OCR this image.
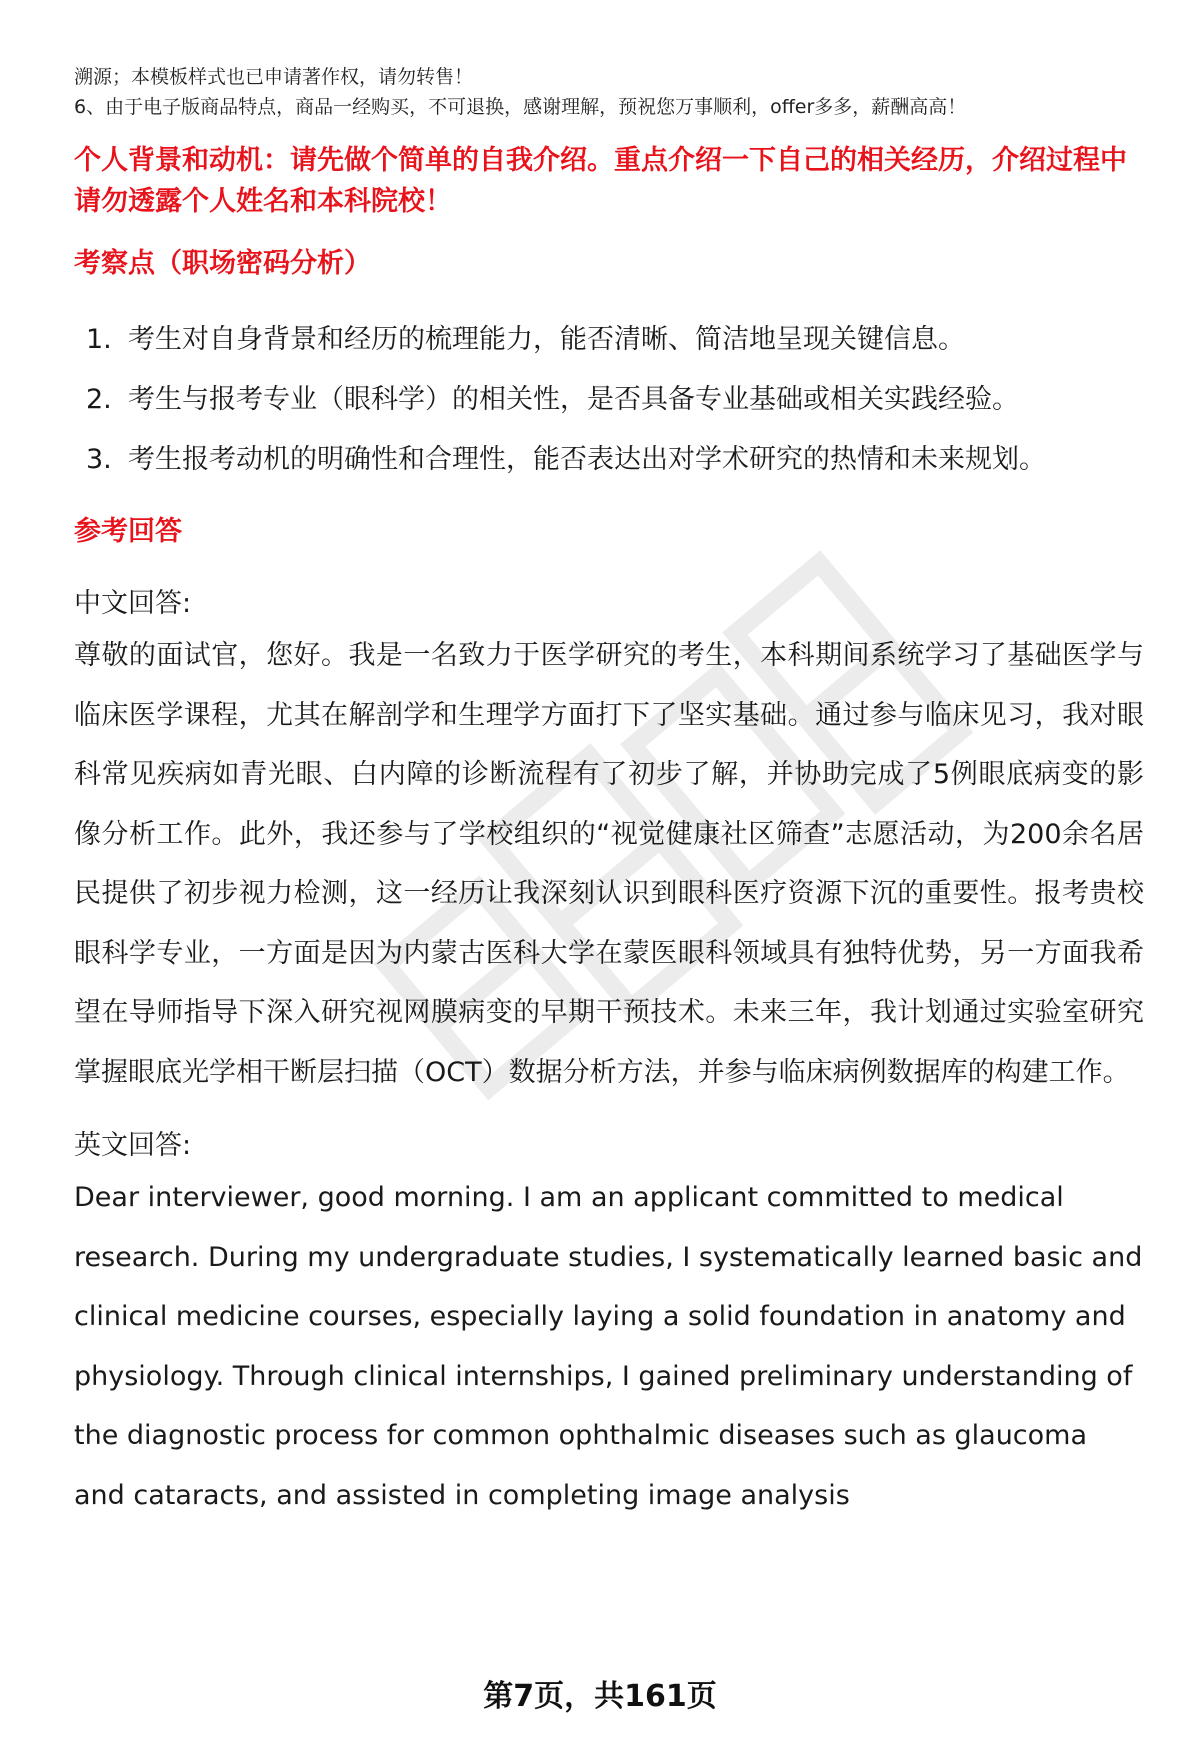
溯源；本模板样式也已申请著作权，请勿转售！

6、由于电子版商品特点，商品一经购买，不可退换，感谢理解，预祝您万事顺利，offer多多，薪酬高高！

个人背景和动机：请先做个简单的自我介绍。重点介绍一下自己的相关经历，介绍过程中请勿透露个人姓名和本科院校！

考察点（职场密码分析）

1. 考生对自身背景和经历的梳理能力，能否清晰、简洁地呈现关键信息。
2. 考生与报考专业（眼科学）的相关性，是否具备专业基础或相关实践经验。
3. 考生报考动机的明确性和合理性，能否表达出对学术研究的热情和未来规划。

参考回答

中文回答:

尊敬的面试官，您好。我是一名致力于医学研究的考生，本科期间系统学习了基础医学与临床医学课程，尤其在解剖学和生理学方面打下了坚实基础。通过参与临床见习，我对眼科常见疾病如青光眼、白内障的诊断流程有了初步了解，并协助完成了5例眼底病变的影像分析工作。此外，我还参与了学校组织的“视觉健康社区筛查”志愿活动，为200余名居民提供了初步视力检测，这一经历让我深刻认识到眼科医疗资源下沉的重要性。报考贵校眼科学专业，一方面是因为内蒙古医科大学在蒙医眼科领域具有独特优势，另一方面我希望在导师指导下深入研究视网膜病变的早期干预技术。未来三年，我计划通过实验室研究掌握眼底光学相干断层扫描（OCT）数据分析方法，并参与临床病例数据库的构建工作。

英文回答:

Dear interviewer, good morning. I am an applicant committed to medical research. During my undergraduate studies, I systematically learned basic and clinical medicine courses, especially laying a solid foundation in anatomy and physiology. Through clinical internships, I gained preliminary understanding of the diagnostic process for common ophthalmic diseases such as glaucoma and cataracts, and assisted in completing image analysis

第7页，共161页
